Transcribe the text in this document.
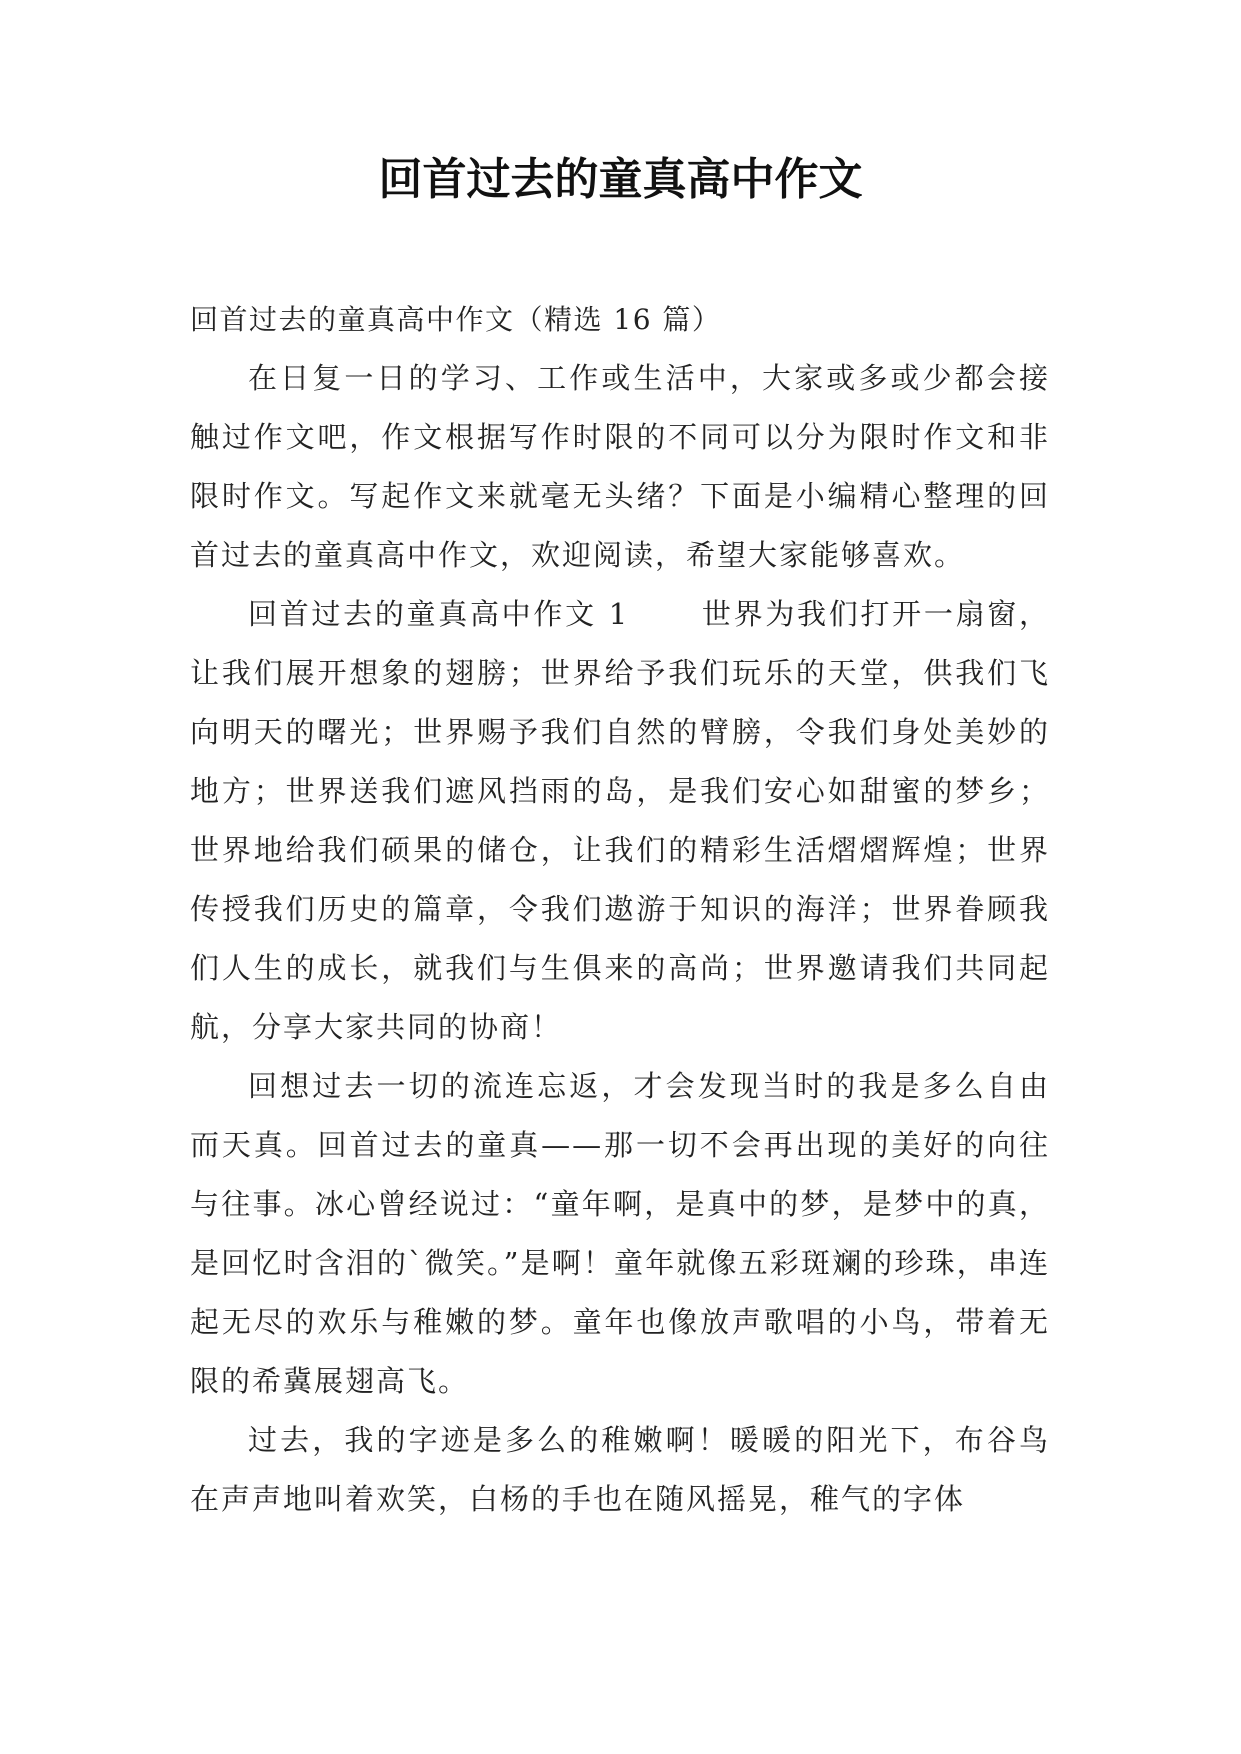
回首过去的童真高中作文

回首过去的童真高中作文（精选 16 篇）

在日复一日的学习、工作或生活中，大家或多或少都会接触过作文吧，作文根据写作时限的不同可以分为限时作文和非限时作文。写起作文来就毫无头绪？下面是小编精心整理的回首过去的童真高中作文，欢迎阅读，希望大家能够喜欢。

回首过去的童真高中作文 1 世界为我们打开一扇窗，让我们展开想象的翅膀；世界给予我们玩乐的天堂，供我们飞向明天的曙光；世界赐予我们自然的臂膀，令我们身处美妙的地方；世界送我们遮风挡雨的岛，是我们安心如甜蜜的梦乡；世界地给我们硕果的储仓，让我们的精彩生活熠熠辉煌；世界传授我们历史的篇章，令我们遨游于知识的海洋；世界眷顾我们人生的成长，就我们与生俱来的高尚；世界邀请我们共同起航，分享大家共同的协商！

回想过去一切的流连忘返，才会发现当时的我是多么自由而天真。回首过去的童真——那一切不会再出现的美好的向往与往事。冰心曾经说过：“童年啊，是真中的梦，是梦中的真，是回忆时含泪的`微笑。”是啊！童年就像五彩斑斓的珍珠，串连起无尽的欢乐与稚嫩的梦。童年也像放声歌唱的小鸟，带着无限的希冀展翅高飞。

过去，我的字迹是多么的稚嫩啊！暖暖的阳光下，布谷鸟在声声地叫着欢笑，白杨的手也在随风摇晃，稚气的字体
